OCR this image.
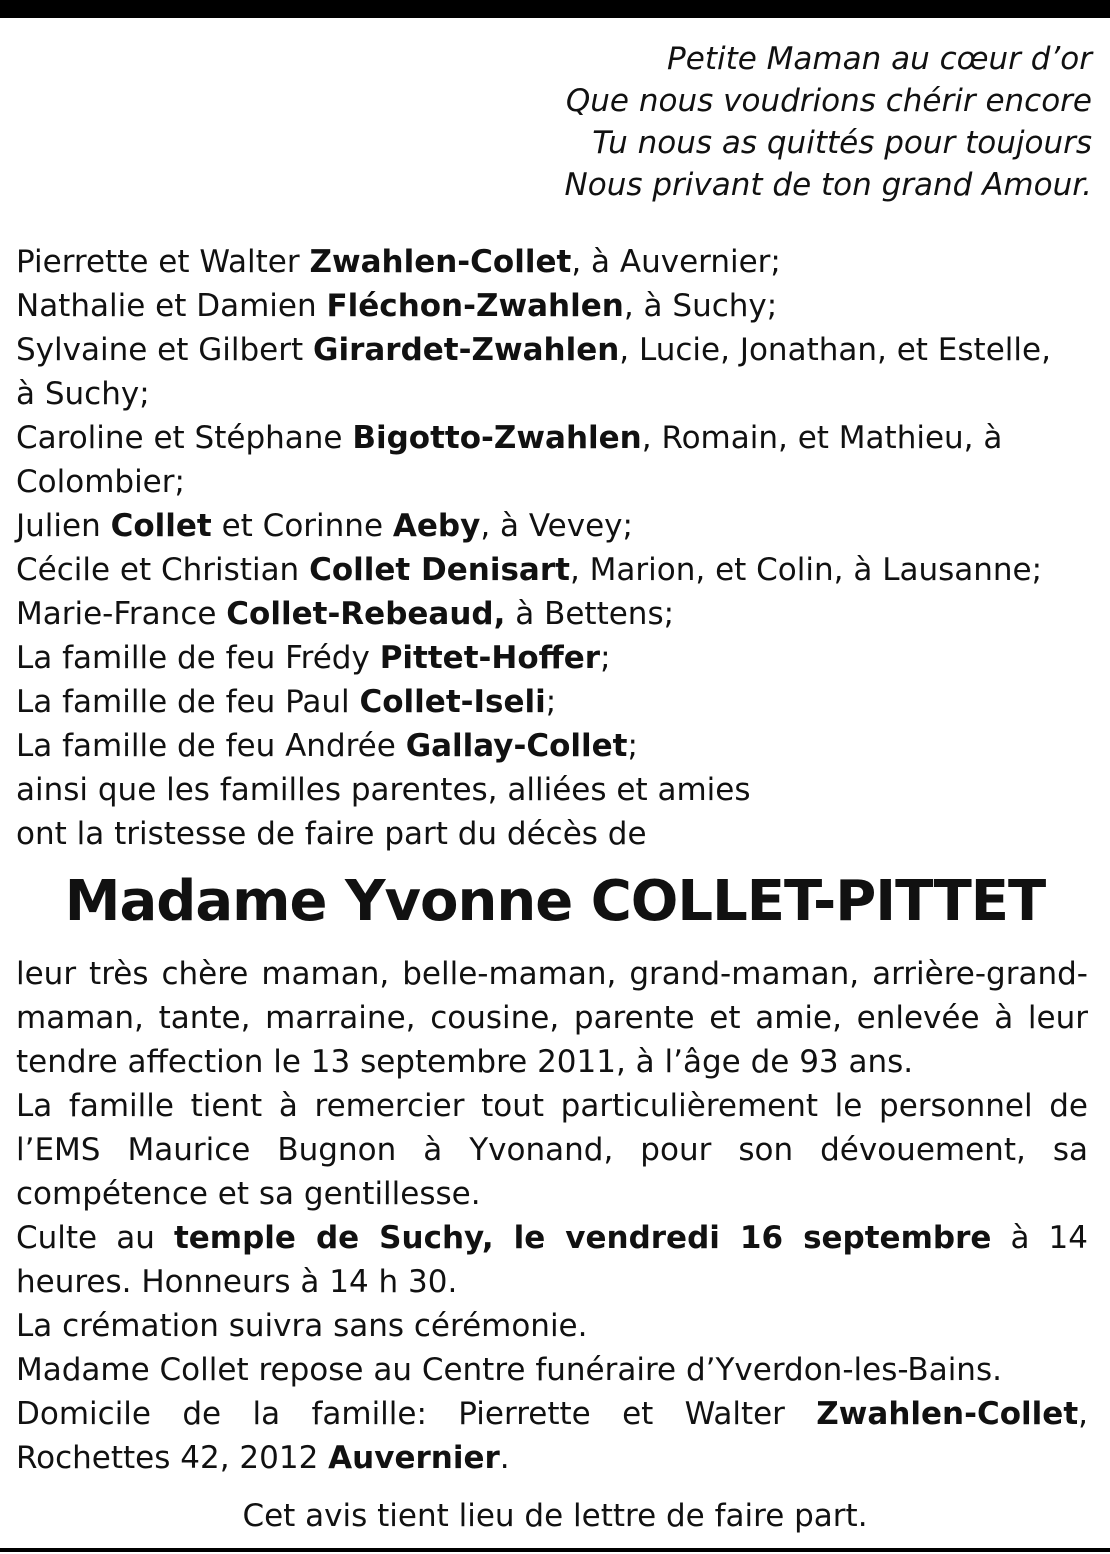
Petite Maman au cœur d’or
Que nous voudrions chérir encore
Tu nous as quittés pour toujours
Nous privant de ton grand Amour.
Pierrette et Walter Zwahlen-Collet, à Auvernier;
Nathalie et Damien Fléchon-Zwahlen, à Suchy;
Sylvaine et Gilbert Girardet-Zwahlen, Lucie, Jonathan, et Estelle, à Suchy;
Caroline et Stéphane Bigotto-Zwahlen, Romain, et Mathieu, à Colombier;
Julien Collet et Corinne Aeby, à Vevey;
Cécile et Christian Collet Denisart, Marion, et Colin, à Lausanne;
Marie-France Collet-Rebeaud, à Bettens;
La famille de feu Frédy Pittet-Hoffer;
La famille de feu Paul Collet-Iseli;
La famille de feu Andrée Gallay-Collet;
ainsi que les familles parentes, alliées et amies
ont la tristesse de faire part du décès de
Madame Yvonne COLLET-PITTET

leur très chère maman, belle-maman, grand-maman, arrière-grand-maman, tante, marraine, cousine, parente et amie, enlevée à leur tendre affection le 13 septembre 2011, à l’âge de 93 ans.

La famille tient à remercier tout particulièrement le personnel de l’EMS Maurice Bugnon à Yvonand, pour son dévouement, sa compétence et sa gentillesse.

Culte au temple de Suchy, le vendredi 16 septembre à 14 heures. Honneurs à 14 h 30.

La crémation suivra sans cérémonie.

Madame Collet repose au Centre funéraire d’Yverdon-les-Bains.

Domicile de la famille: Pierrette et Walter Zwahlen-Collet, Rochettes 42, 2012 Auvernier.

Cet avis tient lieu de lettre de faire part.
